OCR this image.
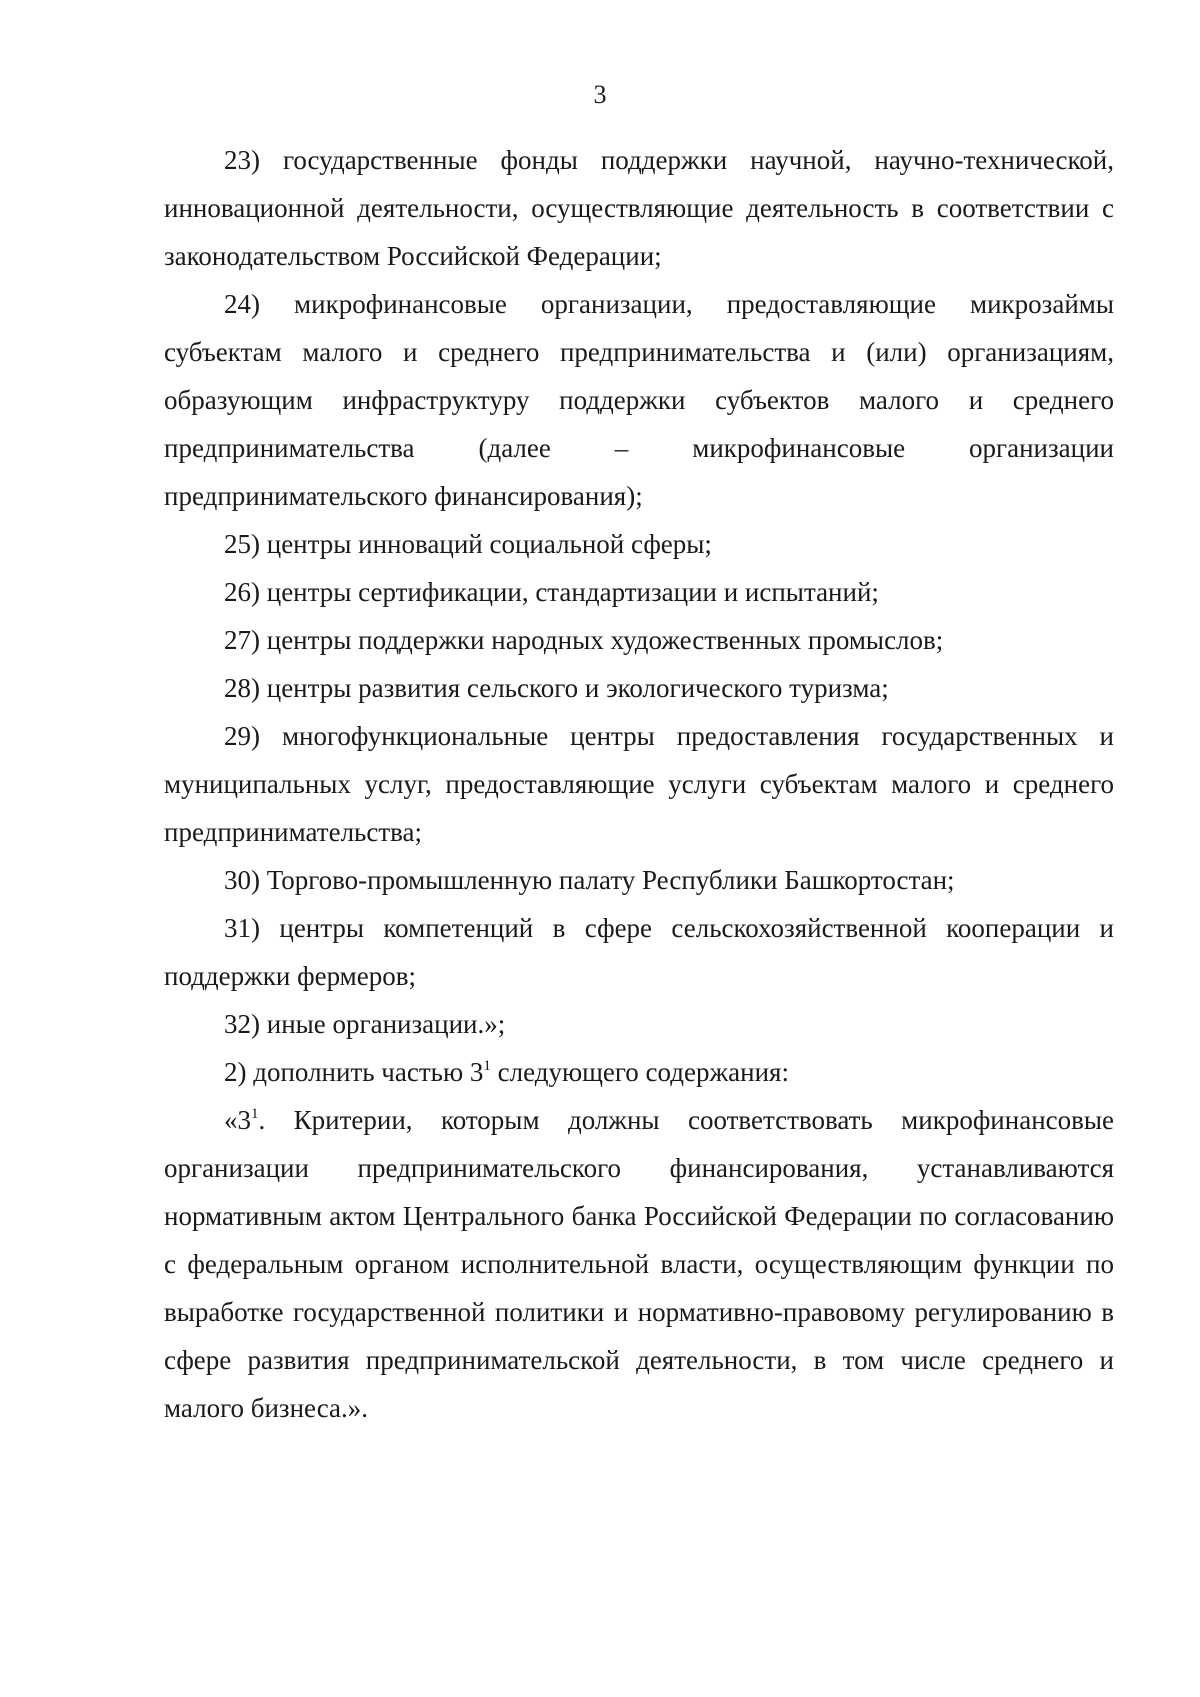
3

23) государственные фонды поддержки научной, научно-технической, инновационной деятельности, осуществляющие деятельность в соответствии с законодательством Российской Федерации;

24) микрофинансовые организации, предоставляющие микрозаймы субъектам малого и среднего предпринимательства и (или) организациям, образующим инфраструктуру поддержки субъектов малого и среднего предпринимательства (далее – микрофинансовые организации предпринимательского финансирования);

25) центры инноваций социальной сферы;

26) центры сертификации, стандартизации и испытаний;

27) центры поддержки народных художественных промыслов;

28) центры развития сельского и экологического туризма;

29) многофункциональные центры предоставления государственных и муниципальных услуг, предоставляющие услуги субъектам малого и среднего предпринимательства;

30) Торгово-промышленную палату Республики Башкортостан;

31) центры компетенций в сфере сельскохозяйственной кооперации и поддержки фермеров;

32) иные организации.»;

2) дополнить частью $3^1$ следующего содержания:

«$3^1$. Критерии, которым должны соответствовать микрофинансовые организации предпринимательского финансирования, устанавливаются нормативным актом Центрального банка Российской Федерации по согласованию с федеральным органом исполнительной власти, осуществляющим функции по выработке государственной политики и нормативно-правовому регулированию в сфере развития предпринимательской деятельности, в том числе среднего и малого бизнеса.».
